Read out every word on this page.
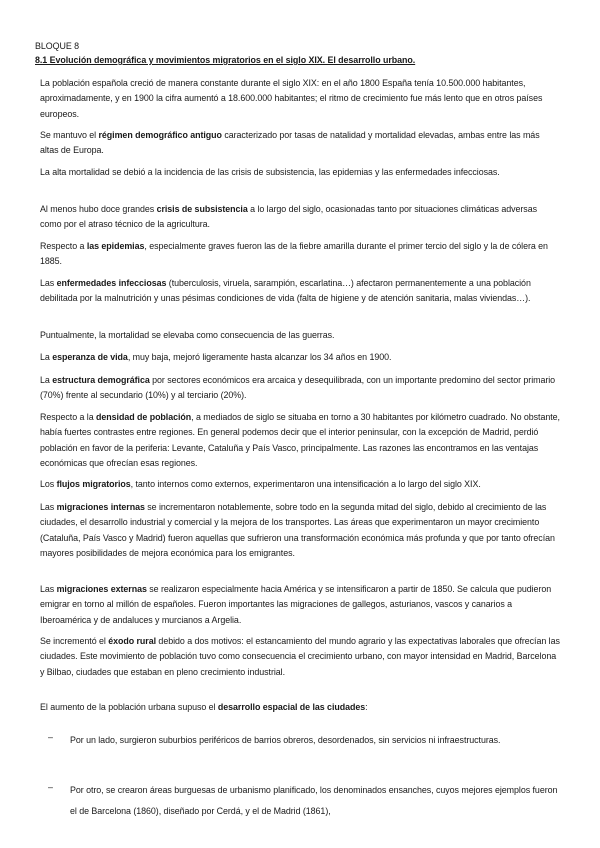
BLOQUE 8
8.1 Evolución demográfica y movimientos migratorios en el siglo XIX. El desarrollo urbano.

La población española creció de manera constante durante el siglo XIX: en el año 1800 España tenía 10.500.000 habitantes, aproximadamente, y en 1900 la cifra aumentó a 18.600.000 habitantes; el ritmo de crecimiento fue más lento que en otros países europeos.

Se mantuvo el régimen demográfico antiguo caracterizado por tasas de natalidad y mortalidad elevadas, ambas entre las más altas de Europa.

La alta mortalidad se debió a la incidencia de las crisis de subsistencia, las epidemias y las enfermedades infecciosas.

Al menos hubo doce grandes crisis de subsistencia a lo largo del siglo, ocasionadas tanto por situaciones climáticas adversas como por el atraso técnico de la agricultura.

Respecto a las epidemias, especialmente graves fueron las de la fiebre amarilla durante el primer tercio del siglo y la de cólera en 1885.

Las enfermedades infecciosas (tuberculosis, viruela, sarampión, escarlatina…) afectaron permanentemente a una población debilitada por la malnutrición y unas pésimas condiciones de vida (falta de higiene y de atención sanitaria, malas viviendas…).

Puntualmente, la mortalidad se elevaba como consecuencia de las guerras.

La esperanza de vida, muy baja, mejoró ligeramente hasta alcanzar los 34 años en 1900.

La estructura demográfica por sectores económicos era arcaica y desequilibrada, con un importante predomino del sector primario (70%) frente al secundario (10%) y al terciario (20%).

Respecto a la densidad de población, a mediados de siglo se situaba en torno a 30 habitantes por kilómetro cuadrado. No obstante, había fuertes contrastes entre regiones. En general podemos decir que el interior peninsular, con la excepción de Madrid, perdió población en favor de la periferia: Levante, Cataluña y País Vasco, principalmente. Las razones las encontramos en las ventajas económicas que ofrecían esas regiones.

Los flujos migratorios, tanto internos como externos, experimentaron una intensificación a lo largo del siglo XIX.

Las migraciones internas se incrementaron notablemente, sobre todo en la segunda mitad del siglo, debido al crecimiento de las ciudades, el desarrollo industrial y comercial y la mejora de los transportes. Las áreas que experimentaron un mayor crecimiento (Cataluña, País Vasco y Madrid) fueron aquellas que sufrieron una transformación económica más profunda y que por tanto ofrecían mayores posibilidades de mejora económica para los emigrantes.

Las migraciones externas se realizaron especialmente hacia América y se intensificaron a partir de 1850. Se calcula que pudieron emigrar en torno al millón de españoles. Fueron importantes las migraciones de gallegos, asturianos, vascos y canarios a Iberoamérica y de andaluces y murcianos a Argelia.

Se incrementó el éxodo rural debido a dos motivos: el estancamiento del mundo agrario y las expectativas laborales que ofrecían las ciudades. Este movimiento de población tuvo como consecuencia el crecimiento urbano, con mayor intensidad en Madrid, Barcelona y Bilbao, ciudades que estaban en pleno crecimiento industrial.

El aumento de la población urbana supuso el desarrollo espacial de las ciudades:

– Por un lado, surgieron suburbios periféricos de barrios obreros, desordenados, sin servicios ni infraestructuras.
– Por otro, se crearon áreas burguesas de urbanismo planificado, los denominados ensanches, cuyos mejores ejemplos fueron el de Barcelona (1860), diseñado por Cerdá, y el de Madrid (1861),
